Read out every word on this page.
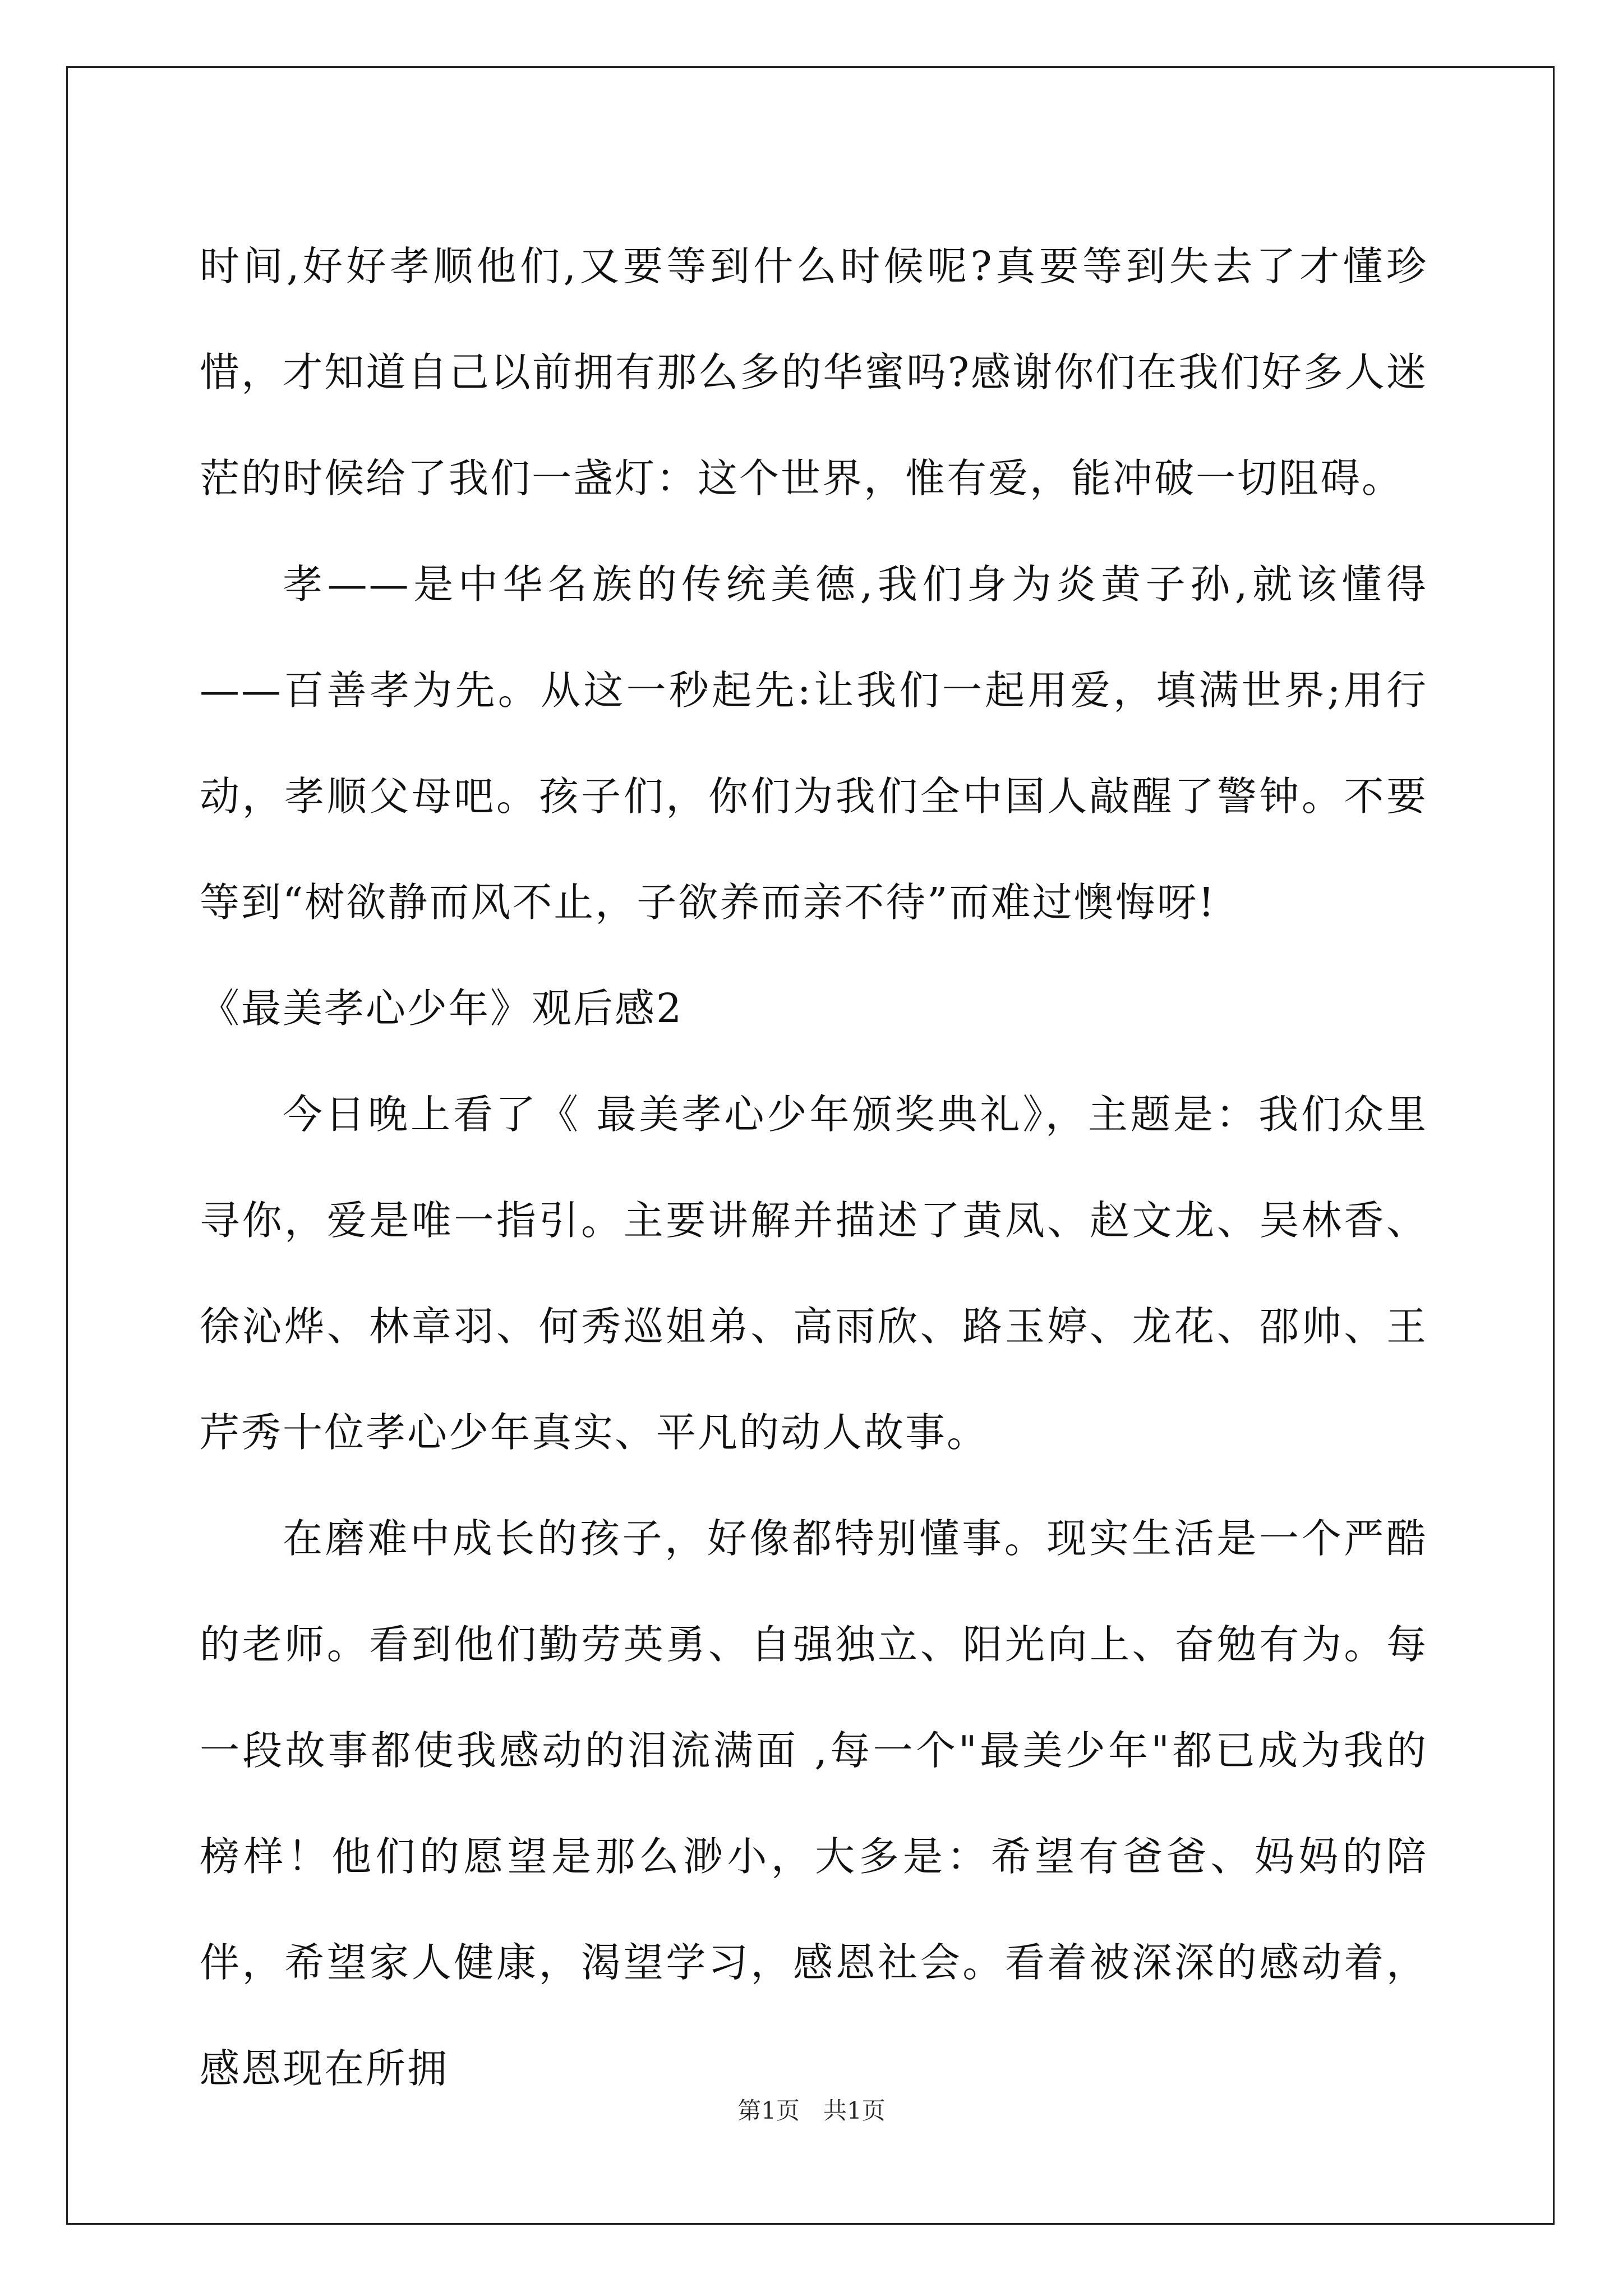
时间,好好孝顺他们,又要等到什么时候呢?真要等到失去了才懂珍惜，才知道自己以前拥有那么多的华蜜吗?感谢你们在我们好多人迷茫的时候给了我们一盏灯：这个世界，惟有爱，能冲破一切阻碍。

孝——是中华名族的传统美德,我们身为炎黄子孙,就该懂得——百善孝为先。从这一秒起先:让我们一起用爱，填满世界;用行动，孝顺父母吧。孩子们，你们为我们全中国人敲醒了警钟。不要等到“树欲静而风不止，子欲养而亲不待”而难过懊悔呀!

《最美孝心少年》观后感2

今日晚上看了《 最美孝心少年颁奖典礼》，主题是：我们众里寻你，爱是唯一指引。主要讲解并描述了黄凤、赵文龙、吴林香、徐沁烨、林章羽、何秀巡姐弟、高雨欣、路玉婷、龙花、邵帅、王芹秀十位孝心少年真实、平凡的动人故事。

在磨难中成长的孩子，好像都特别懂事。现实生活是一个严酷的老师。看到他们勤劳英勇、自强独立、阳光向上、奋勉有为。每一段故事都使我感动的泪流满面 ,每一个"最美少年"都已成为我的榜样！他们的愿望是那么渺小，大多是：希望有爸爸、妈妈的陪伴，希望家人健康，渴望学习，感恩社会。看着被深深的感动着，感恩现在所拥

第1页　共1页
